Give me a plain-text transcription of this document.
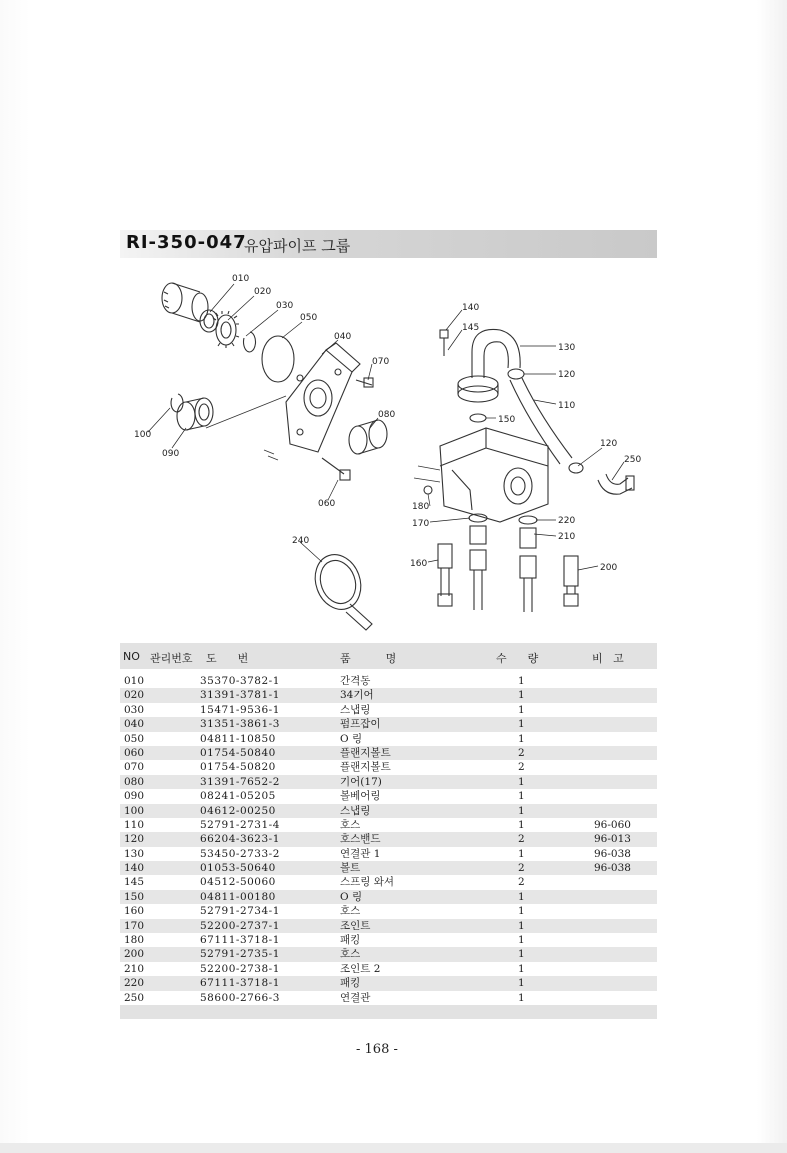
RI-350-047
유압파이프 그룹
010
020
030
050
040
070
080
100
090
060
240
140
145
130
120
110
150
120
250
180
220
170
210
160	200
NO 관리번호 도      번	품          명	수      량	비   고
010	35370-3782-1	간격동	1
020	31391-3781-1	34기어	1
030	15471-9536-1	스냅링	1
040	31351-3861-3	펌프잡이	1
050	04811-10850	O 링	1
060	01754-50840	플랜지볼트	2
070	01754-50820	플랜지볼트	2
080	31391-7652-2	기어(17)	1
090	08241-05205	볼베어링	1
100	04612-00250	스냅링	1
110	52791-2731-4	호스	1	96-060
120	66204-3623-1	호스밴드	2	96-013
130	53450-2733-2	연결관 1	1	96-038
140	01053-50640	볼트	2	96-038
145	04512-50060	스프링 와셔	2
150	04811-00180	O 링	1
160	52791-2734-1	호스	1
170	52200-2737-1	조인트	1
180	67111-3718-1	패킹	1
200	52791-2735-1	호스	1
210	52200-2738-1	조인트 2	1
220	67111-3718-1	패킹	1
250	58600-2766-3	연결관	1
- 168 -
